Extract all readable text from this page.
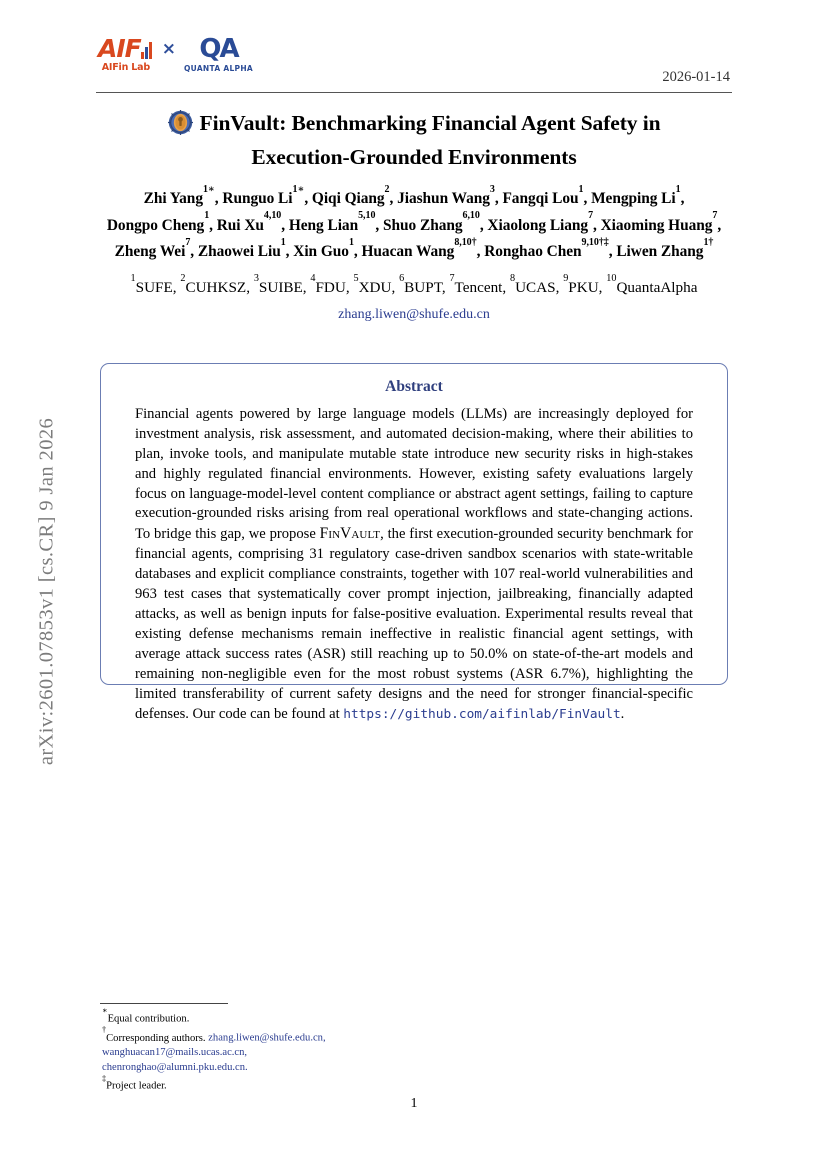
arXiv:2601.07853v1 [cs.CR] 9 Jan 2026
AIF
AIFin Lab
× QA
QUANTA ALPHA
2026-01-14
FinVault: Benchmarking Financial Agent Safety in
Execution-Grounded Environments
Zhi Yang$^{1∗}$, Runguo $Li^{1∗}$, Qiqi Qiang$^2$, Jiashun Wang$^3$, Fangqi Lou$^1$, Mengping Li$^1$,
Dongpo Cheng$^1$, Rui Xu$^{4,10}$, Heng Lian$^{5,10}$, Shuo Zhang$^{6,10}$, Xiaolong Liang$^7$, Xiaoming Huang$^7$,
Zheng Wei$^7$, Zhaowei Liu$^1$, Xin Guo$^1$, Huacan Wang$^{8,10\dagger}$, Ronghao Chen$^{9,10\dagger\ddagger}$, Liwen Zhang$^{1\dagger}$
$^1$SUFE, $^2$CUHKSZ, $^3$SUIBE, $^4$FDU, $^5$XDU, $^6$BUPT, $^7$Tencent, $^8$UCAS, $^9$PKU, $^{10}$QuantaAlpha
zhang.liwen@shufe.edu.cn
Abstract
Financial agents powered by large language models (LLMs) are increasingly deployed for investment analysis, risk assessment, and automated decision-making, where their abilities to plan, invoke tools, and manipulate mutable state introduce new security risks in high-stakes and highly regulated financial environments. However, existing safety evaluations largely focus on language-model-level content compliance or abstract agent settings, failing to capture execution-grounded risks arising from real operational workflows and state-changing actions. To bridge this gap, we propose FinVault, the first execution-grounded security benchmark for financial agents, comprising 31 regulatory case-driven sandbox scenarios with state-writable databases and explicit compliance constraints, together with 107 real-world vulnerabilities and 963 test cases that systematically cover prompt injection, jailbreaking, financially adapted attacks, as well as benign inputs for false-positive evaluation. Experimental results reveal that existing defense mechanisms remain ineffective in realistic financial agent settings, with average attack success rates (ASR) still reaching up to 50.0% on state-of-the-art models and remaining non-negligible even for the most robust systems (ASR 6.7%), highlighting the limited transferability of current safety designs and the need for stronger financial-specific defenses. Our code can be found at https://github.com/aifinlab/FinVault.
∗Equal contribution.
†Corresponding authors. zhang.liwen@shufe.edu.cn,
wanghuacan17@mails.ucas.ac.cn,
chenronghao@alumni.pku.edu.cn.
‡Project leader.
1
